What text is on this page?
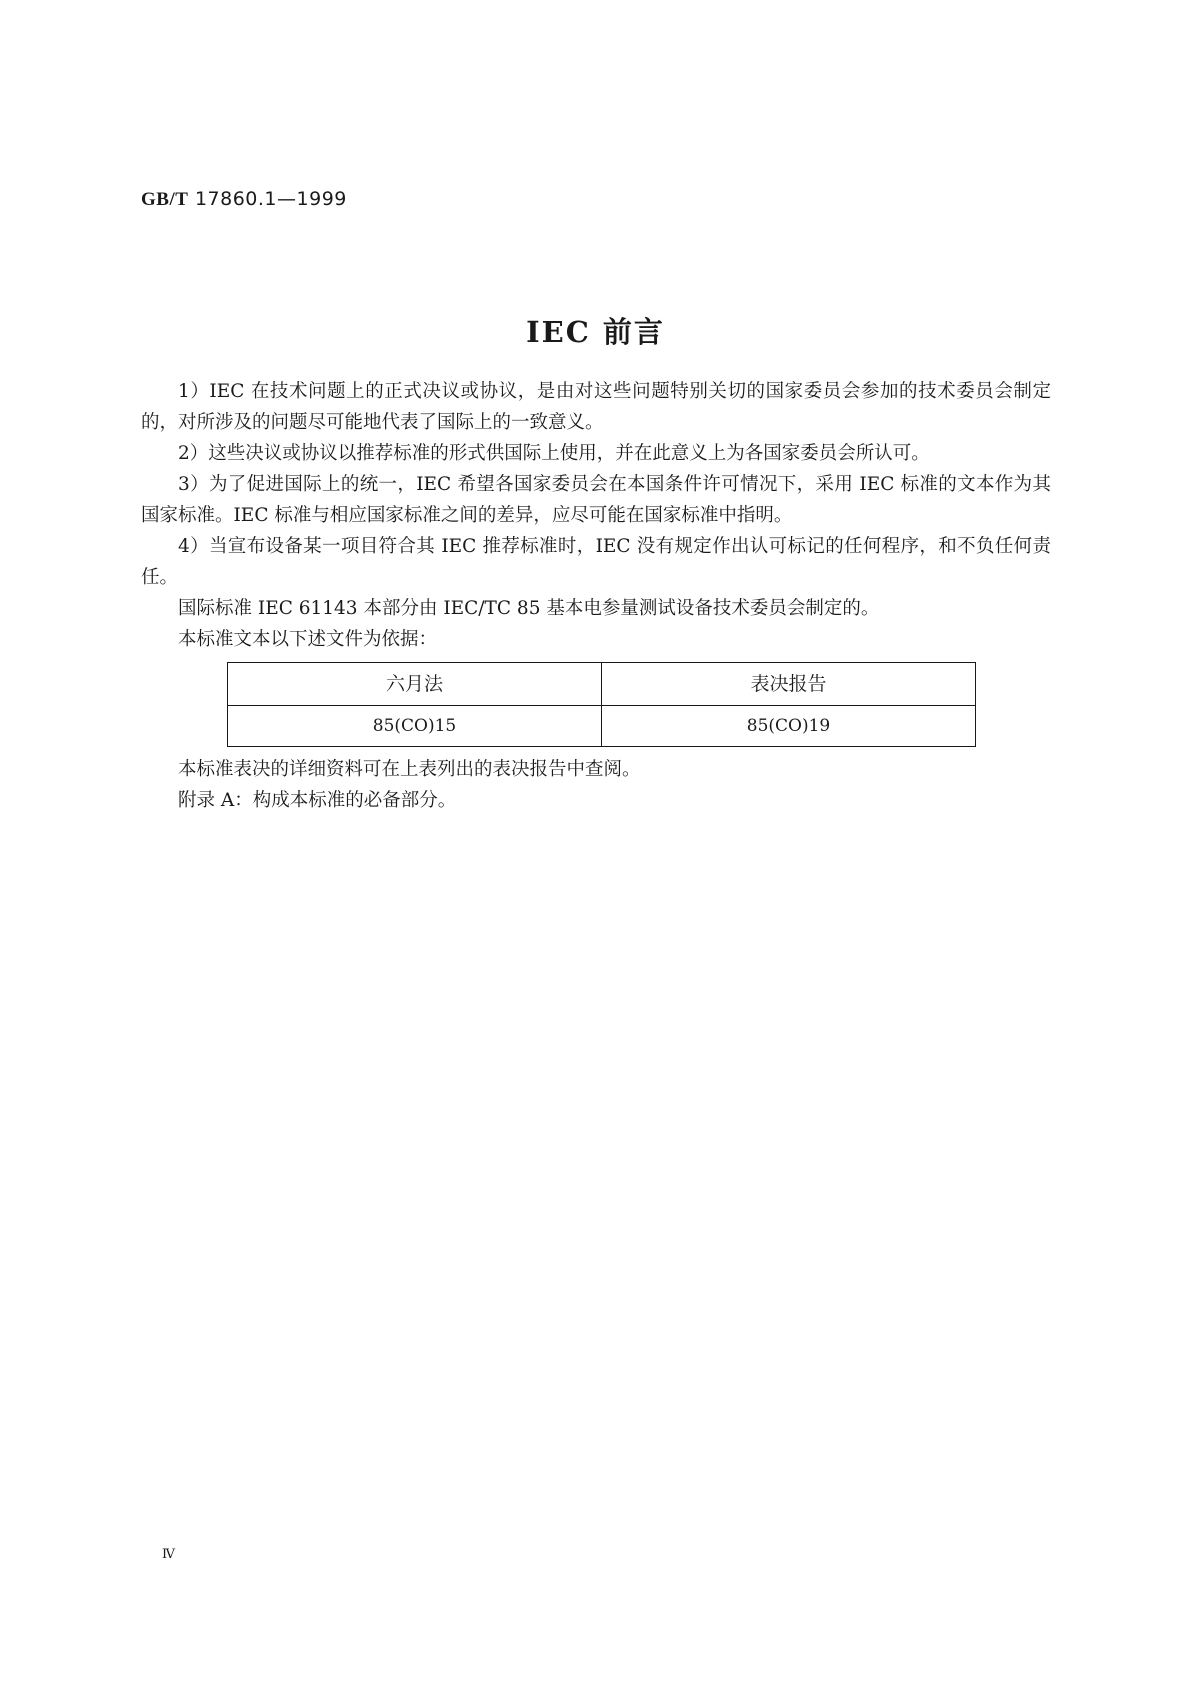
GB/T 17860.1—1999
IEC 前言

1）IEC 在技术问题上的正式决议或协议，是由对这些问题特别关切的国家委员会参加的技术委员会制定的，对所涉及的问题尽可能地代表了国际上的一致意义。

2）这些决议或协议以推荐标准的形式供国际上使用，并在此意义上为各国家委员会所认可。

3）为了促进国际上的统一，IEC 希望各国家委员会在本国条件许可情况下，采用 IEC 标准的文本作为其国家标准。IEC 标准与相应国家标准之间的差异，应尽可能在国家标准中指明。

4）当宣布设备某一项目符合其 IEC 推荐标准时，IEC 没有规定作出认可标记的任何程序，和不负任何责任。

国际标准 IEC 61143 本部分由 IEC/TC 85 基本电参量测试设备技术委员会制定的。

本标准文本以下述文件为依据：

六月法	表决报告
85(CO)15	85(CO)19

本标准表决的详细资料可在上表列出的表决报告中查阅。

附录 A：构成本标准的必备部分。

Ⅳ
